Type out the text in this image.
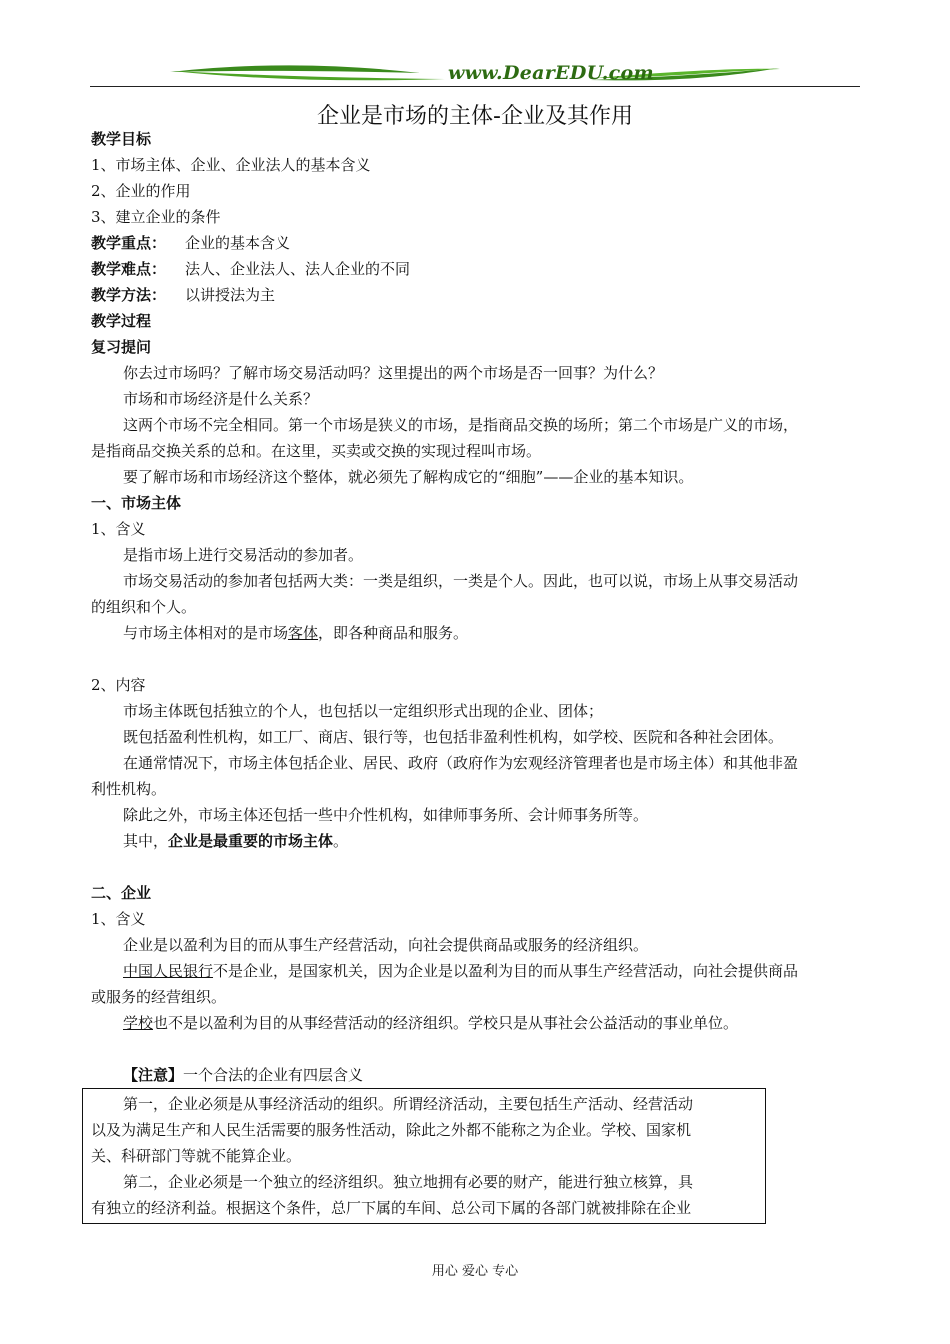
www.DearEDU.com
企业是市场的主体-企业及其作用
教学目标
1、市场主体、企业、企业法人的基本含义
2、企业的作用
3、建立企业的条件
教学重点： 企业的基本含义
教学难点： 法人、企业法人、法人企业的不同
教学方法： 以讲授法为主
教学过程
复习提问
你去过市场吗？了解市场交易活动吗？这里提出的两个市场是否一回事？为什么？
市场和市场经济是什么关系？
这两个市场不完全相同。第一个市场是狭义的市场，是指商品交换的场所；第二个市场是广义的市场，
是指商品交换关系的总和。在这里，买卖或交换的实现过程叫市场。
要了解市场和市场经济这个整体，就必须先了解构成它的“细胞”——企业的基本知识。
一、市场主体
1、含义
是指市场上进行交易活动的参加者。
市场交易活动的参加者包括两大类：一类是组织，一类是个人。因此，也可以说，市场上从事交易活动
的组织和个人。
与市场主体相对的是市场客体，即各种商品和服务。
2、内容
市场主体既包括独立的个人，也包括以一定组织形式出现的企业、团体；
既包括盈利性机构，如工厂、商店、银行等，也包括非盈利性机构，如学校、医院和各种社会团体。
在通常情况下，市场主体包括企业、居民、政府（政府作为宏观经济管理者也是市场主体）和其他非盈
利性机构。
除此之外，市场主体还包括一些中介性机构，如律师事务所、会计师事务所等。
其中，企业是最重要的市场主体。
二、企业
1、含义
企业是以盈利为目的而从事生产经营活动，向社会提供商品或服务的经济组织。
中国人民银行不是企业，是国家机关，因为企业是以盈利为目的而从事生产经营活动，向社会提供商品
或服务的经营组织。
学校也不是以盈利为目的从事经营活动的经济组织。学校只是从事社会公益活动的事业单位。
【注意】一个合法的企业有四层含义

第一，企业必须是从事经济活动的组织。所谓经济活动，主要包括生产活动、经营活动

以及为满足生产和人民生活需要的服务性活动，除此之外都不能称之为企业。学校、国家机

关、科研部门等就不能算企业。

第二，企业必须是一个独立的经济组织。独立地拥有必要的财产，能进行独立核算，具

有独立的经济利益。根据这个条件，总厂下属的车间、总公司下属的各部门就被排除在企业

用心 爱心 专心
